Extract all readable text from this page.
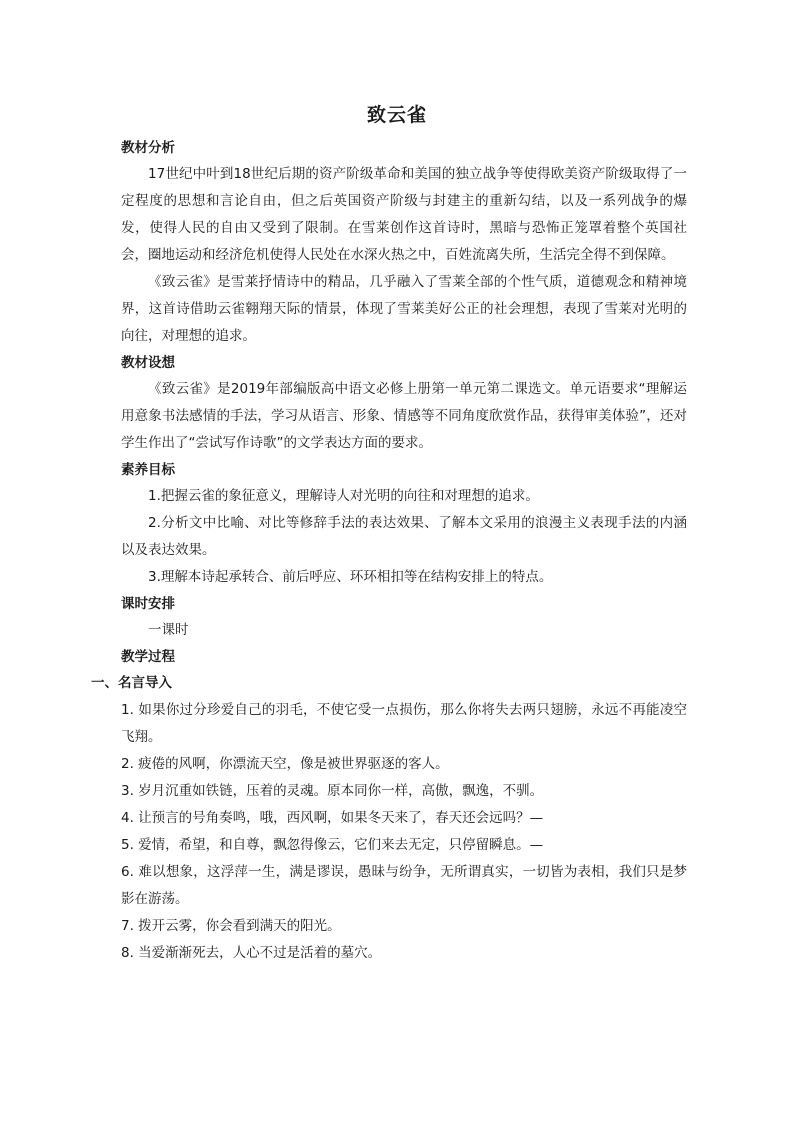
致云雀
教材分析

17世纪中叶到18世纪后期的资产阶级革命和美国的独立战争等使得欧美资产阶级取得了一定程度的思想和言论自由，但之后英国资产阶级与封建主的重新勾结，以及一系列战争的爆发，使得人民的自由又受到了限制。在雪莱创作这首诗时，黑暗与恐怖正笼罩着整个英国社会，圈地运动和经济危机使得人民处在水深火热之中，百姓流离失所，生活完全得不到保障。

《致云雀》是雪莱抒情诗中的精品，几乎融入了雪莱全部的个性气质，道德观念和精神境界，这首诗借助云雀翱翔天际的情景，体现了雪莱美好公正的社会理想，表现了雪莱对光明的向往，对理想的追求。

教材设想

《致云雀》是2019年部编版高中语文必修上册第一单元第二课选文。单元语要求“理解运用意象书法感情的手法，学习从语言、形象、情感等不同角度欣赏作品，获得审美体验”，还对学生作出了“尝试写作诗歌”的文学表达方面的要求。

素养目标

1.把握云雀的象征意义，理解诗人对光明的向往和对理想的追求。

2.分析文中比喻、对比等修辞手法的表达效果、了解本文采用的浪漫主义表现手法的内涵以及表达效果。

3.理解本诗起承转合、前后呼应、环环相扣等在结构安排上的特点。

课时安排

一课时

教学过程
一、名言导入

1. 如果你过分珍爱自己的羽毛，不使它受一点损伤，那么你将失去两只翅膀，永远不再能凌空飞翔。

2. 疲倦的风啊，你漂流天空，像是被世界驱逐的客人。

3. 岁月沉重如铁链，压着的灵魂。原本同你一样，高傲，飘逸，不驯。

4. 让预言的号角奏鸣，哦，西风啊，如果冬天来了，春天还会远吗？—

5. 爱情，希望，和自尊，飘忽得像云，它们来去无定，只停留瞬息。—

6. 难以想象，这浮萍一生，满是谬误，愚昧与纷争，无所谓真实，一切皆为表相，我们只是梦影在游荡。

7. 拨开云雾，你会看到满天的阳光。

8. 当爱渐渐死去，人心不过是活着的墓穴。
